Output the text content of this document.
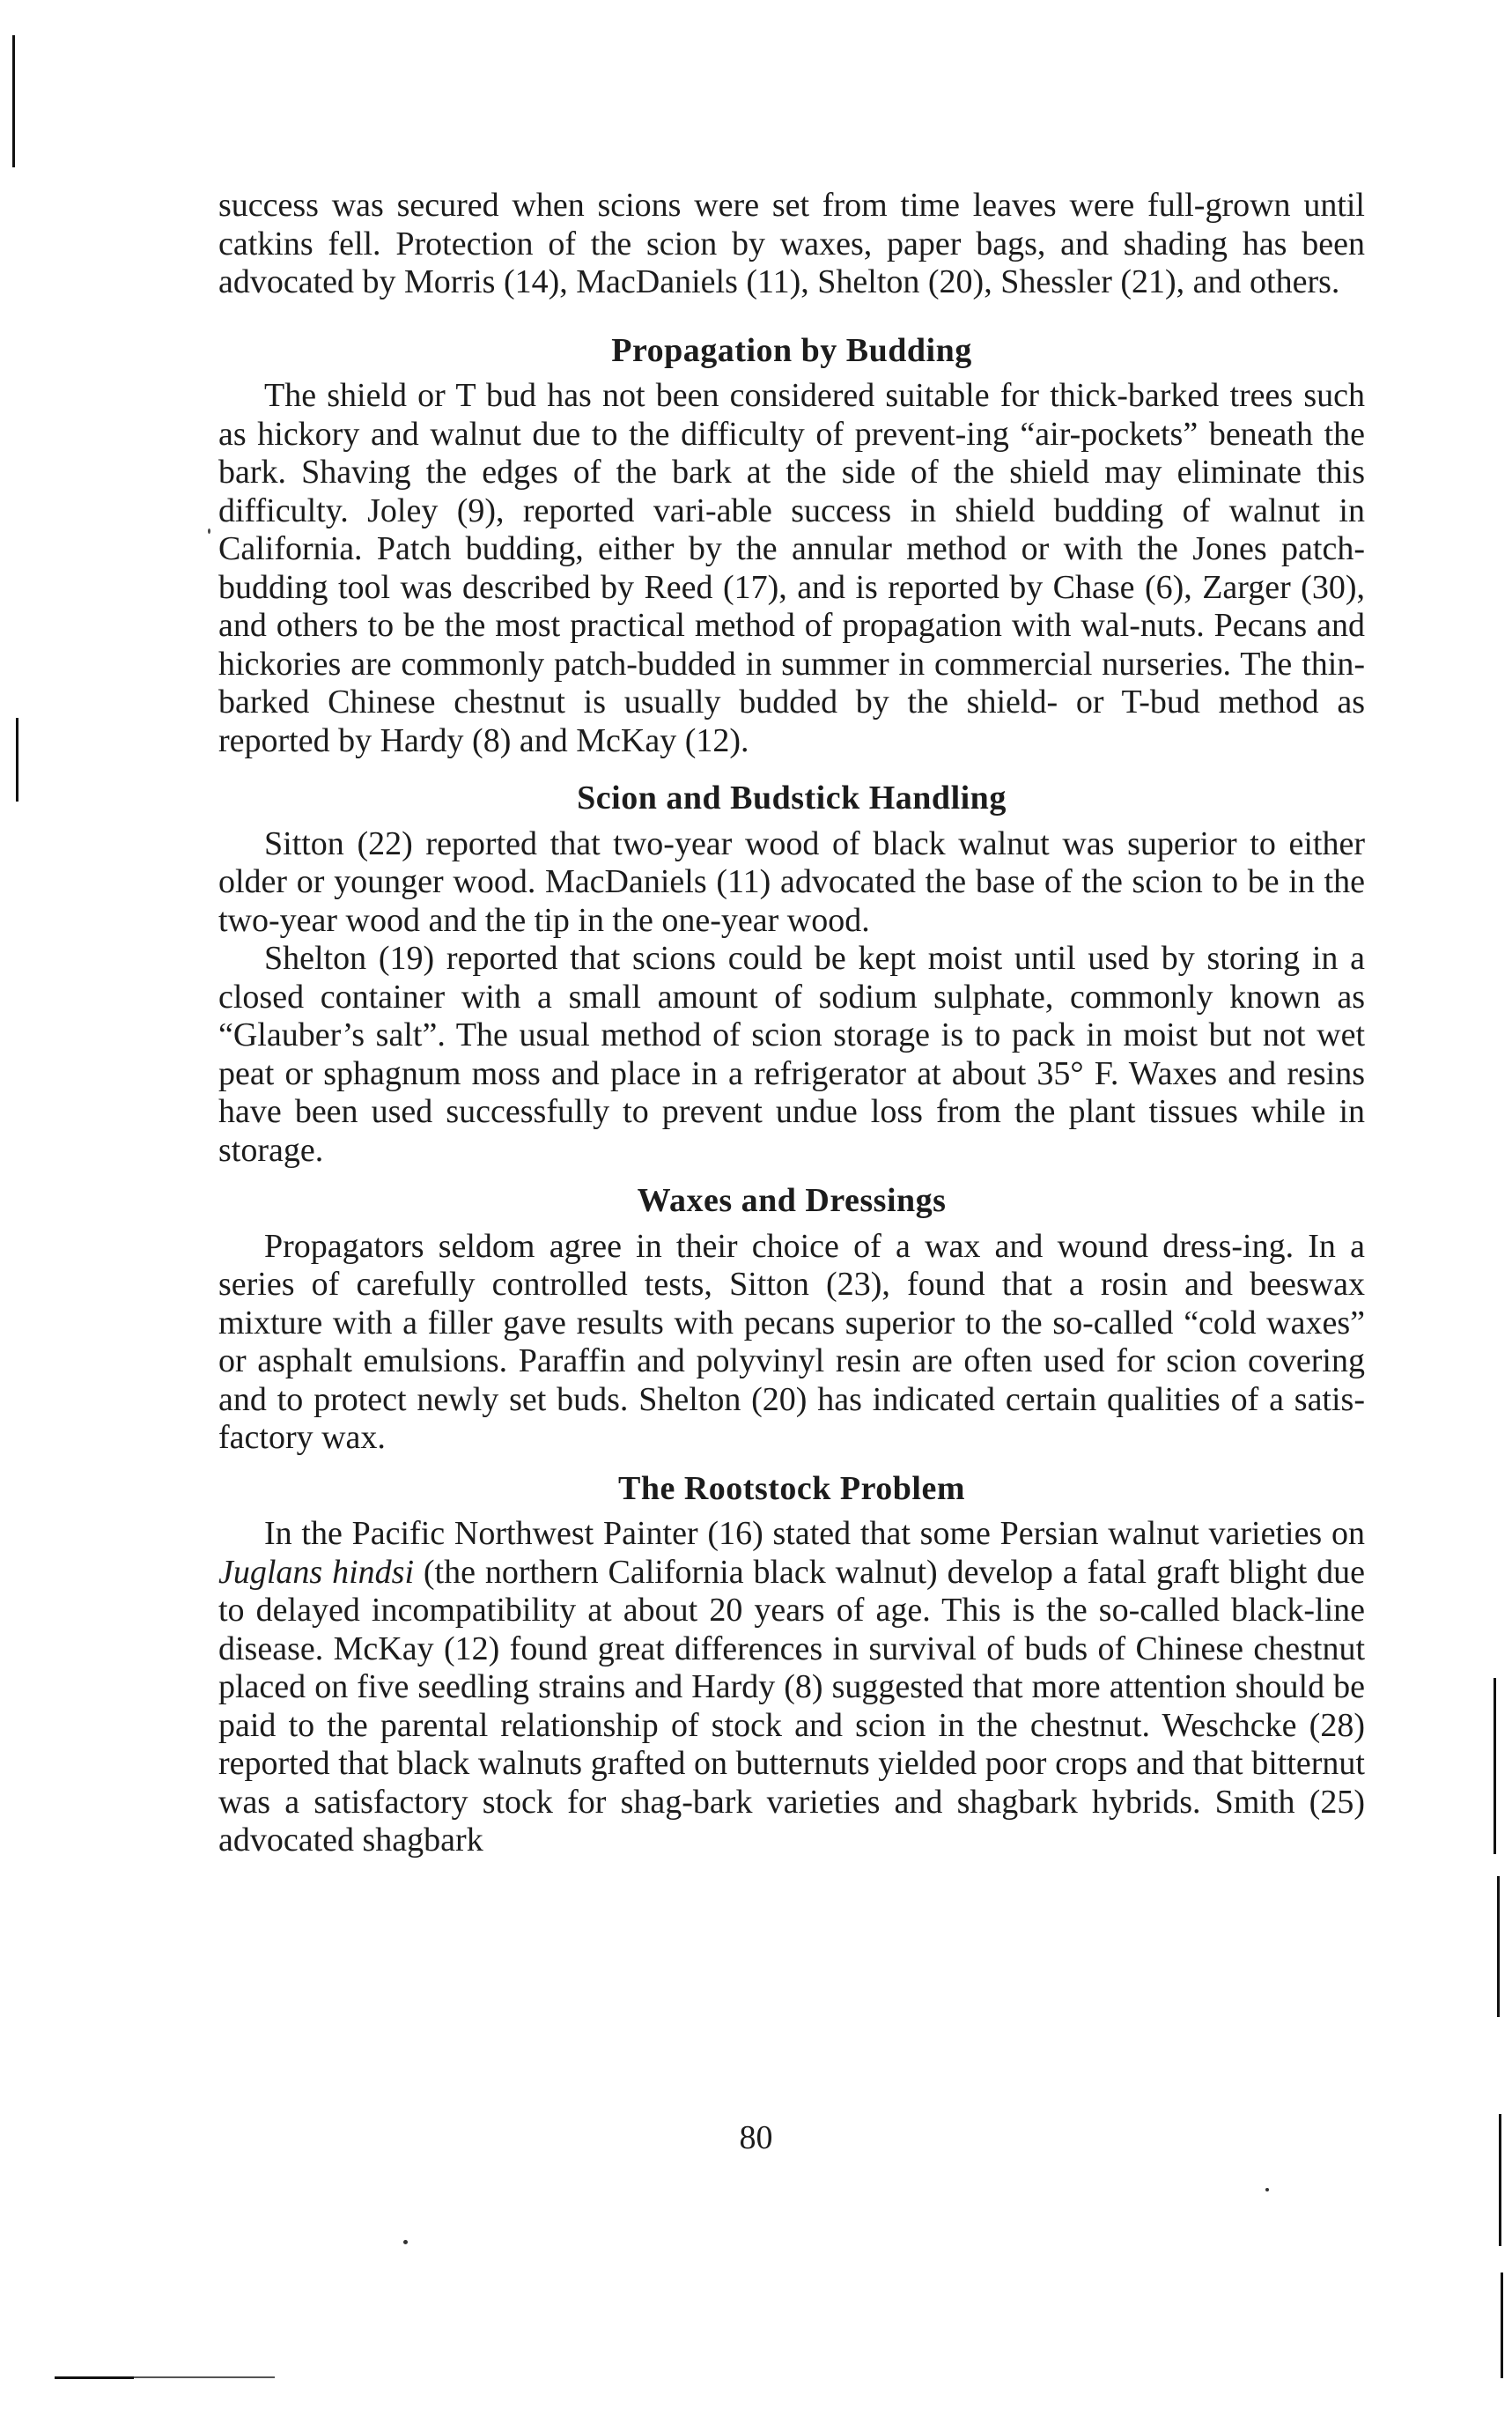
success was secured when scions were set from time leaves were full-grown until catkins fell. Protection of the scion by waxes, paper bags, and shading has been advocated by Morris (14), MacDaniels (11), Shelton (20), Shessler (21), and others.

Propagation by Budding

The shield or T bud has not been considered suitable for thick-barked trees such as hickory and walnut due to the difficulty of prevent-ing “air-pockets” beneath the bark. Shaving the edges of the bark at the side of the shield may eliminate this difficulty. Joley (9), reported vari-able success in shield budding of walnut in California. Patch budding, either by the annular method or with the Jones patch-budding tool was described by Reed (17), and is reported by Chase (6), Zarger (30), and others to be the most practical method of propagation with wal-nuts. Pecans and hickories are commonly patch-budded in summer in commercial nurseries. The thin-barked Chinese chestnut is usually budded by the shield- or T-bud method as reported by Hardy (8) and McKay (12).

Scion and Budstick Handling

Sitton (22) reported that two-year wood of black walnut was superior to either older or younger wood. MacDaniels (11) advocated the base of the scion to be in the two-year wood and the tip in the one-year wood.

Shelton (19) reported that scions could be kept moist until used by storing in a closed container with a small amount of sodium sulphate, commonly known as “Glauber’s salt”. The usual method of scion storage is to pack in moist but not wet peat or sphagnum moss and place in a refrigerator at about 35° F. Waxes and resins have been used successfully to prevent undue loss from the plant tissues while in storage.

Waxes and Dressings

Propagators seldom agree in their choice of a wax and wound dress-ing. In a series of carefully controlled tests, Sitton (23), found that a rosin and beeswax mixture with a filler gave results with pecans superior to the so-called “cold waxes” or asphalt emulsions. Paraffin and polyvinyl resin are often used for scion covering and to protect newly set buds. Shelton (20) has indicated certain qualities of a satis-factory wax.

The Rootstock Problem

In the Pacific Northwest Painter (16) stated that some Persian walnut varieties on Juglans hindsi (the northern California black walnut) develop a fatal graft blight due to delayed incompatibility at about 20 years of age. This is the so-called black-line disease. McKay (12) found great differences in survival of buds of Chinese chestnut placed on five seedling strains and Hardy (8) suggested that more attention should be paid to the parental relationship of stock and scion in the chestnut. Weschcke (28) reported that black walnuts grafted on butternuts yielded poor crops and that bitternut was a satisfactory stock for shag-bark varieties and shagbark hybrids. Smith (25) advocated shagbark

80
